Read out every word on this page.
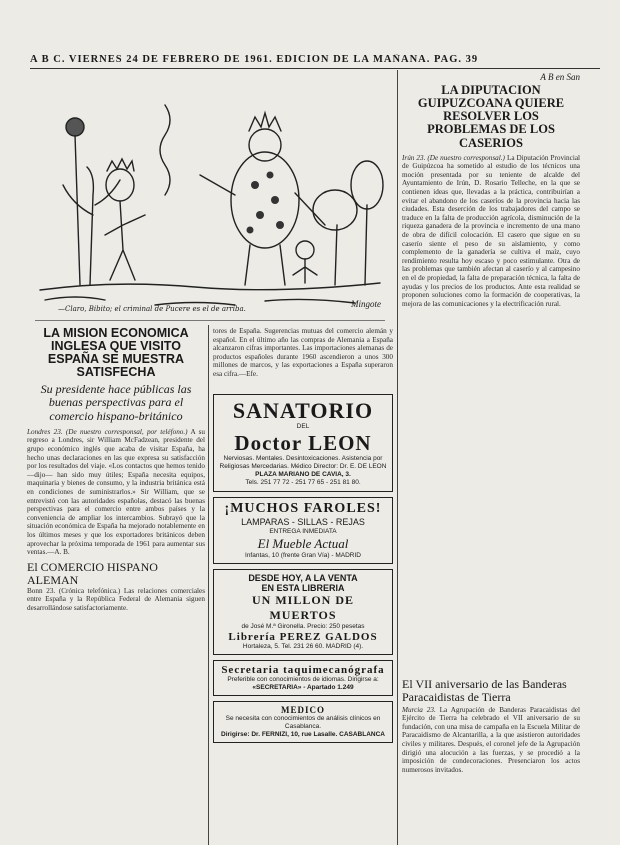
A B C. VIERNES 24 DE FEBRERO DE 1961. EDICION DE LA MAÑANA. PAG. 39
Mingote
—Claro, Bibito; el criminal de Pucere es el de arriba.
LA MISION ECONOMICA INGLESA QUE VISITO ESPAÑA SE MUESTRA SATISFECHA
Su presidente hace públicas las buenas perspectivas para el comercio hispano-británico
Londres 23. (De nuestro corresponsal, por teléfono.) A su regreso a Londres, sir William McFadzean, presidente del grupo económico inglés que acaba de visitar España, ha hecho unas declaraciones en las que expresa su satisfacción por los resultados del viaje. «Los contactos que hemos tenido —dijo— han sido muy útiles; España necesita equipos, maquinaria y bienes de consumo, y la industria británica está en condiciones de suministrarlos.» Sir William, que se entrevistó con las autoridades españolas, destacó las buenas perspectivas para el comercio entre ambos países y la conveniencia de ampliar los intercambios. Subrayó que la situación económica de España ha mejorado notablemente en los últimos meses y que los exportadores británicos deben aprovechar la próxima temporada de 1961 para aumentar sus ventas.—A. B.
El COMERCIO HISPANO ALEMAN
Bonn 23. (Crónica telefónica.) Las relaciones comerciales entre España y la República Federal de Alemania siguen desarrollándose satisfactoriamente.
tores de España. Sugerencias mutuas del comercio alemán y español. En el último año las compras de Alemania a España alcanzaron cifras importantes. Las importaciones alemanas de productos españoles durante 1960 ascendieron a unos 300 millones de marcos, y las exportaciones a España superaron esa cifra.—Efe.
SANATORIO
DEL
Doctor LEON
Nerviosas. Mentales. Desintoxicaciones. Asistencia por Religiosas Mercedarias. Médico Director: Dr. E. DE LEON
PLAZA MARIANO DE CAVIA, 3.
Tels. 251 77 72 - 251 77 65 - 251 81 80.
¡MUCHOS FAROLES!
LAMPARAS - SILLAS - REJAS
ENTREGA INMEDIATA
El Mueble Actual
Infantas, 10 (frente Gran Vía) - MADRID
DESDE HOY, A LA VENTA
EN ESTA LIBRERIA
UN MILLON DE MUERTOS
de José M.ª Gironella. Precio: 250 pesetas
Librería PEREZ GALDOS
Hortaleza, 5. Tel. 231 26 60. MADRID (4).
Secretaria taquimecanógrafa
Preferible con conocimientos de idiomas. Dirigirse a:
«SECRETARIA» - Apartado 1.249
MEDICO
Se necesita con conocimientos de análisis clínicos en Casablanca.
Dirigirse: Dr. FERNIZI, 10, rue Lasalle. CASABLANCA
A B en San
LA DIPUTACION GUIPUZCOANA QUIERE RESOLVER LOS PROBLEMAS DE LOS CASERIOS
Irún 23. (De nuestro corresponsal.) La Diputación Provincial de Guipúzcoa ha sometido al estudio de los técnicos una moción presentada por su teniente de alcalde del Ayuntamiento de Irún, D. Rosario Telleche, en la que se contienen ideas que, llevadas a la práctica, contribuirían a evitar el abandono de los caseríos de la provincia hacia las ciudades. Esta deserción de los trabajadores del campo se traduce en la falta de producción agrícola, disminución de la riqueza ganadera de la provincia e incremento de una mano de obra de difícil colocación. El casero que sigue en su caserío siente el peso de su aislamiento, y como complemento de la ganadería se cultiva el maíz, cuyo rendimiento resulta hoy escaso y poco estimulante. Otra de las problemas que también afectan al caserío y al campesino en el de propiedad, la falta de preparación técnica, la falta de ayudas y los precios de los productos. Ante esta realidad se proponen soluciones como la formación de cooperativas, la mejora de las comunicaciones y la electrificación rural.
El VII aniversario de las Banderas Paracaidistas de Tierra
Murcia 23. La Agrupación de Banderas Paracaidistas del Ejército de Tierra ha celebrado el VII aniversario de su fundación, con una misa de campaña en la Escuela Militar de Paracaidismo de Alcantarilla, a la que asistieron autoridades civiles y militares. Después, el coronel jefe de la Agrupación dirigió una alocución a las fuerzas, y se procedió a la imposición de condecoraciones. Presenciaron los actos numerosos invitados.
